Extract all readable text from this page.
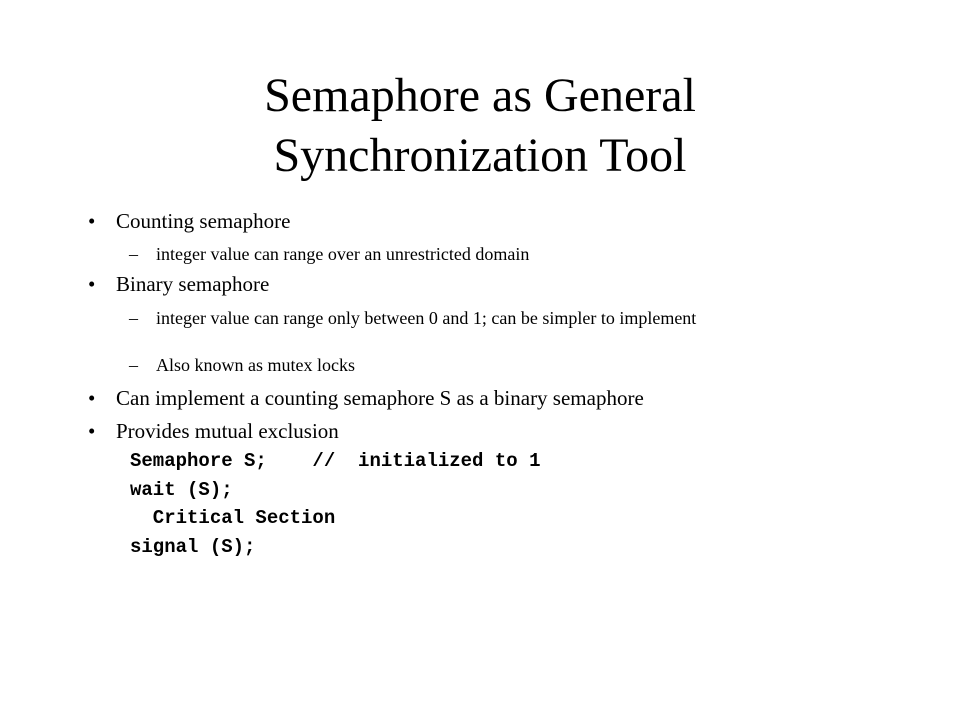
Semaphore as General
Synchronization Tool
• Counting semaphore
– integer value can range over an unrestricted domain
• Binary semaphore
– integer value can range only between 0 and 1; can be simpler to implement
– Also known as mutex locks
• Can implement a counting semaphore S as a binary semaphore
• Provides mutual exclusion
Semaphore S;    //  initialized to 1
wait (S);
Critical Section
signal (S);
